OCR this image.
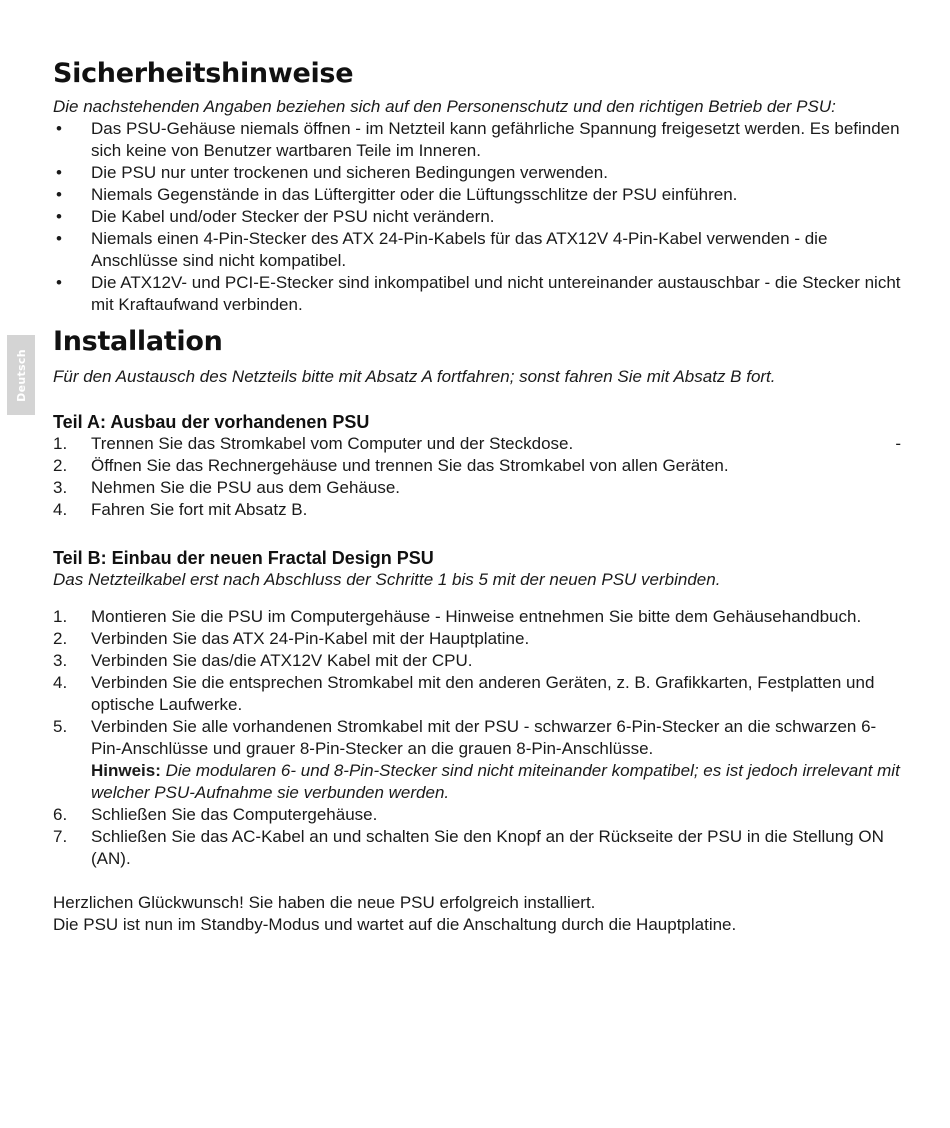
Deutsch
Sicherheitshinweise

Die nachstehenden Angaben beziehen sich auf den Personenschutz und den richtigen Betrieb der PSU:

• Das PSU-Gehäuse niemals öffnen - im Netzteil kann gefährliche Spannung freigesetzt werden. Es befinden sich keine von Benutzer wartbaren Teile im Inneren.
• Die PSU nur unter trockenen und sicheren Bedingungen verwenden.
• Niemals Gegenstände in das Lüftergitter oder die Lüftungsschlitze der PSU einführen.
• Die Kabel und/oder Stecker der PSU nicht verändern.
• Niemals einen 4-Pin-Stecker des ATX 24-Pin-Kabels für das ATX12V 4-Pin-Kabel verwenden - die Anschlüsse sind nicht kompatibel.
• Die ATX12V- und PCI-E-Stecker sind inkompatibel und nicht untereinander austauschbar - die Stecker nicht mit Kraftaufwand verbinden.
Installation

Für den Austausch des Netzteils bitte mit Absatz A fortfahren; sonst fahren Sie mit Absatz B fort.

Teil A: Ausbau der vorhandenen PSU
1. Trennen Sie das Stromkabel vom Computer und der Steckdose.	-
2. Öffnen Sie das Rechnergehäuse und trennen Sie das Stromkabel von allen Geräten.
3. Nehmen Sie die PSU aus dem Gehäuse.
4. Fahren Sie fort mit Absatz B.
Teil B: Einbau der neuen Fractal Design PSU

Das Netzteilkabel erst nach Abschluss der Schritte 1 bis 5 mit der neuen PSU verbinden.

1. Montieren Sie die PSU im Computergehäuse - Hinweise entnehmen Sie bitte dem Gehäusehandbuch.
2. Verbinden Sie das ATX 24-Pin-Kabel mit der Hauptplatine.
3. Verbinden Sie das/die ATX12V Kabel mit der CPU.
4. Verbinden Sie die entsprechen Stromkabel mit den anderen Geräten, z. B. Grafikkarten, Festplatten und optische Laufwerke.
5. Verbinden Sie alle vorhandenen Stromkabel mit der PSU - schwarzer 6-Pin-Stecker an die schwarzen 6-Pin-Anschlüsse und grauer 8-Pin-Stecker an die grauen 8-Pin-Anschlüsse.
Hinweis: Die modularen 6- und 8-Pin-Stecker sind nicht miteinander kompatibel; es ist jedoch irrelevant mit welcher PSU-Aufnahme sie verbunden werden.
6. Schließen Sie das Computergehäuse.
7. Schließen Sie das AC-Kabel an und schalten Sie den Knopf an der Rückseite der PSU in die Stellung ON (AN).

Herzlichen Glückwunsch! Sie haben die neue PSU erfolgreich installiert.

Die PSU ist nun im Standby-Modus und wartet auf die Anschaltung durch die Hauptplatine.
